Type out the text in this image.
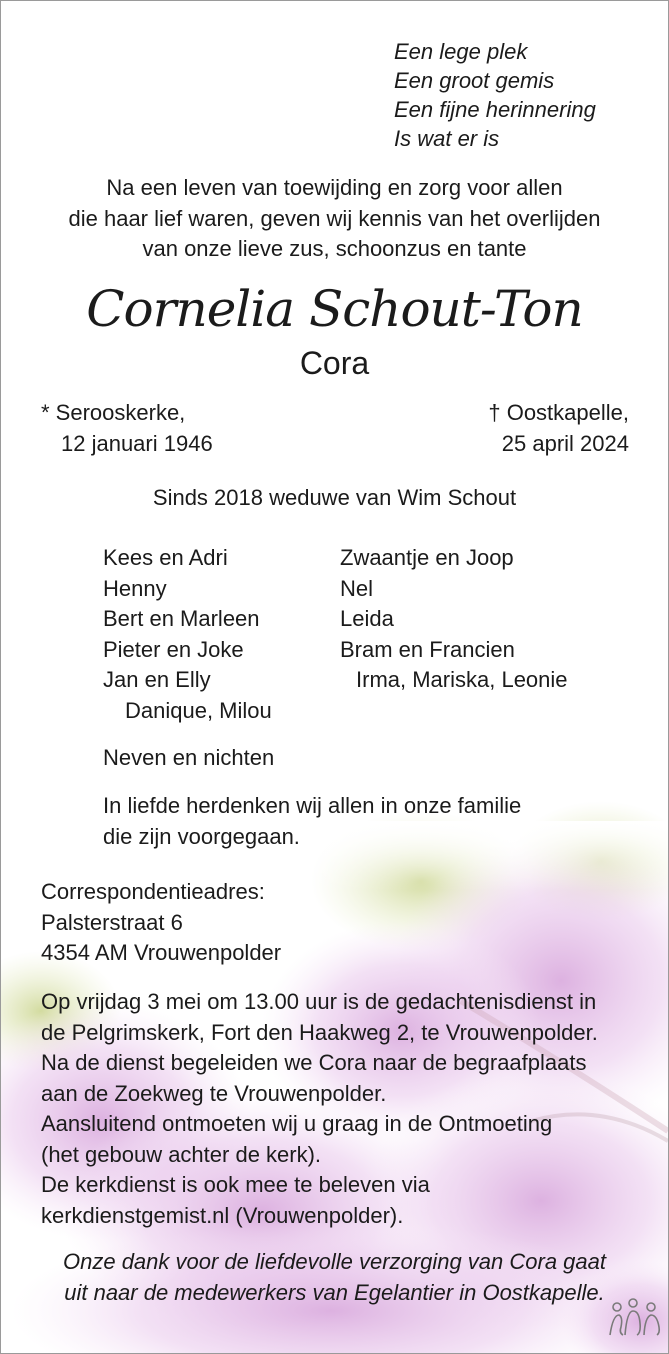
Een lege plek
Een groot gemis
Een fijne herinnering
Is wat er is
Na een leven van toewijding en zorg voor allen
die haar lief waren, geven wij kennis van het overlijden
van onze lieve zus, schoonzus en tante
Cornelia Schout-Ton
Cora
* Serooskerke,
12 januari 1946
† Oostkapelle,
25 april 2024
Sinds 2018 weduwe van Wim Schout
Kees en Adri
Henny
Bert en Marleen
Pieter en Joke
Jan en Elly
Danique, Milou
Zwaantje en Joop
Nel
Leida
Bram en Francien
Irma, Mariska, Leonie
Neven en nichten
In liefde herdenken wij allen in onze familie
die zijn voorgegaan.
Correspondentieadres:
Palsterstraat 6
4354 AM Vrouwenpolder
Op vrijdag 3 mei om 13.00 uur is de gedachtenisdienst in
de Pelgrimskerk, Fort den Haakweg 2, te Vrouwenpolder.
Na de dienst begeleiden we Cora naar de begraafplaats
aan de Zoekweg te Vrouwenpolder.
Aansluitend ontmoeten wij u graag in de Ontmoeting
(het gebouw achter de kerk).
De kerkdienst is ook mee te beleven via
kerkdienstgemist.nl (Vrouwenpolder).
Onze dank voor de liefdevolle verzorging van Cora gaat
uit naar de medewerkers van Egelantier in Oostkapelle.
